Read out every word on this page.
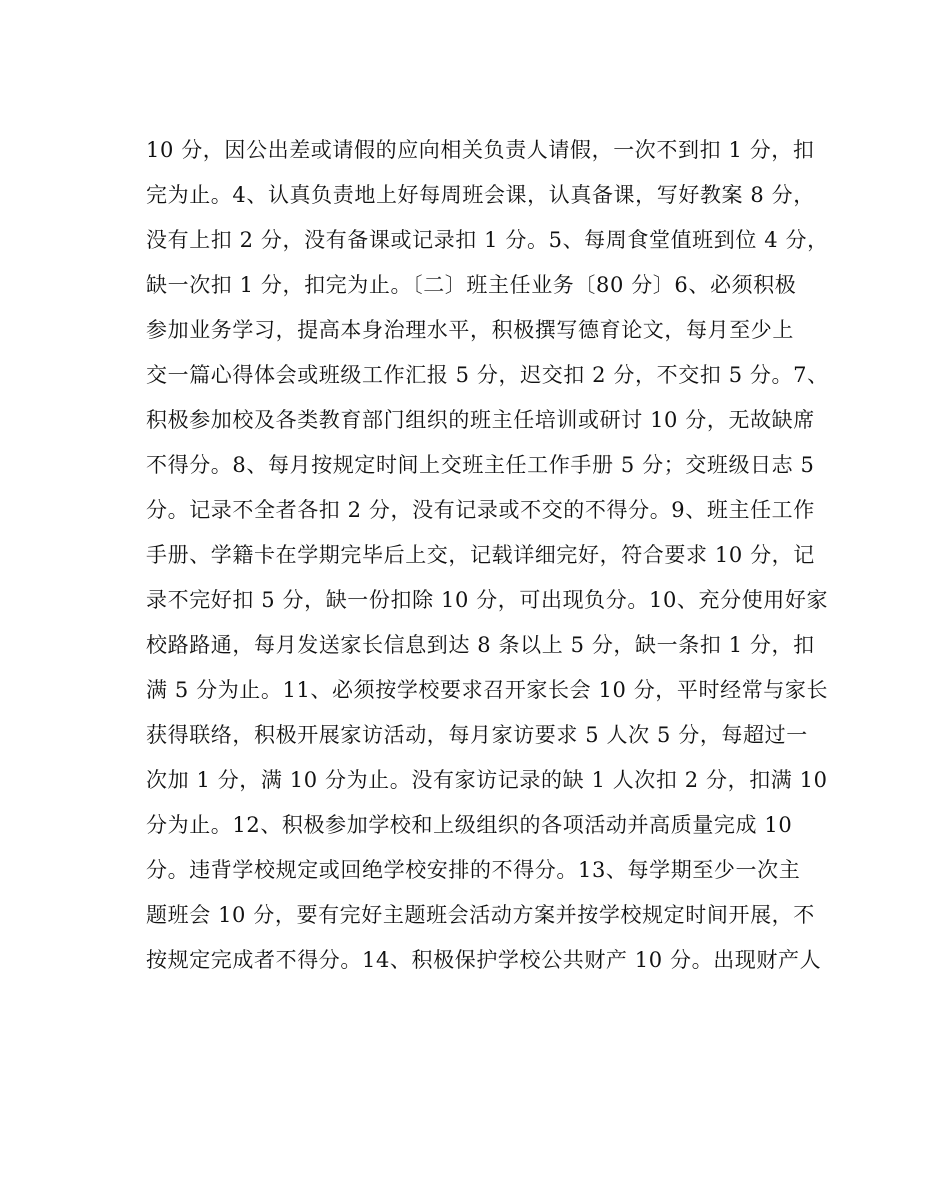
10 分，因公出差或请假的应向相关负责人请假，一次不到扣 1 分，扣
完为止。4、认真负责地上好每周班会课，认真备课，写好教案 8 分，
没有上扣 2 分，没有备课或记录扣 1 分。5、每周食堂值班到位 4 分，
缺一次扣 1 分，扣完为止。〔二〕班主任业务〔80 分〕6、必须积极
参加业务学习，提高本身治理水平，积极撰写德育论文，每月至少上
交一篇心得体会或班级工作汇报 5 分，迟交扣 2 分，不交扣 5 分。7、
积极参加校及各类教育部门组织的班主任培训或研讨 10 分，无故缺席
不得分。8、每月按规定时间上交班主任工作手册 5 分；交班级日志 5
分。记录不全者各扣 2 分，没有记录或不交的不得分。9、班主任工作
手册、学籍卡在学期完毕后上交，记载详细完好，符合要求 10 分，记
录不完好扣 5 分，缺一份扣除 10 分，可出现负分。10、充分使用好家
校路路通，每月发送家长信息到达 8 条以上 5 分，缺一条扣 1 分，扣
满 5 分为止。11、必须按学校要求召开家长会 10 分，平时经常与家长
获得联络，积极开展家访活动，每月家访要求 5 人次 5 分，每超过一
次加 1 分，满 10 分为止。没有家访记录的缺 1 人次扣 2 分，扣满 10
分为止。12、积极参加学校和上级组织的各项活动并高质量完成 10
分。违背学校规定或回绝学校安排的不得分。13、每学期至少一次主
题班会 10 分，要有完好主题班会活动方案并按学校规定时间开展，不
按规定完成者不得分。14、积极保护学校公共财产 10 分。出现财产人
